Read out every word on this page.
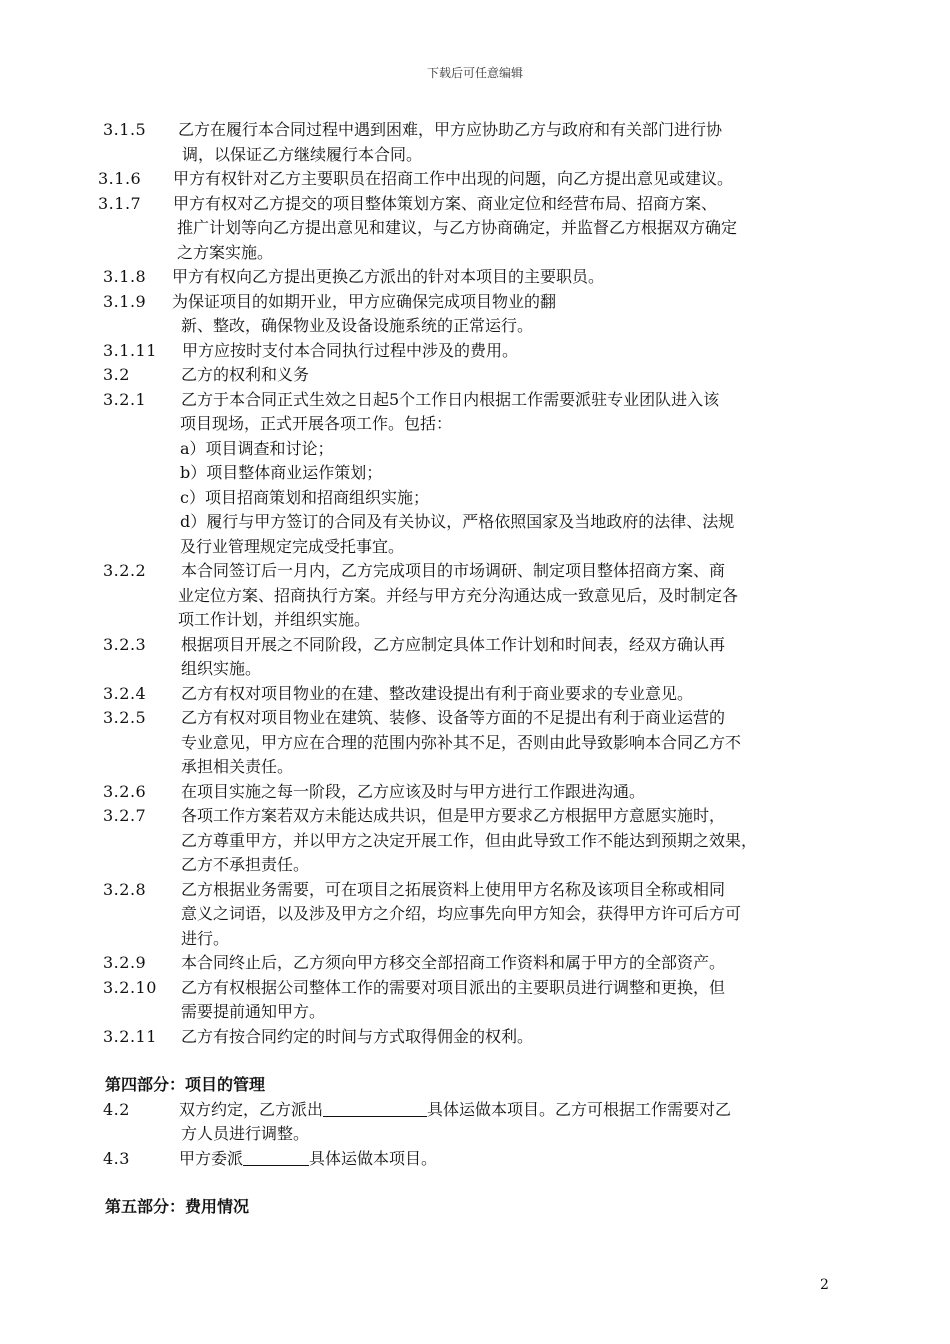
下载后可任意编辑
3.1.5	乙方在履行本合同过程中遇到困难，甲方应协助乙方与政府和有关部门进行协
调，以保证乙方继续履行本合同。
3.1.6	甲方有权针对乙方主要职员在招商工作中出现的问题，向乙方提出意见或建议。
3.1.7	甲方有权对乙方提交的项目整体策划方案、商业定位和经营布局、招商方案、
推广计划等向乙方提出意见和建议，与乙方协商确定，并监督乙方根据双方确定
之方案实施。
3.1.8	甲方有权向乙方提出更换乙方派出的针对本项目的主要职员。
3.1.9	为保证项目的如期开业，甲方应确保完成项目物业的翻
新、整改，确保物业及设备设施系统的正常运行。
3.1.11	甲方应按时支付本合同执行过程中涉及的费用。
3.2	乙方的权利和义务
3.2.1	乙方于本合同正式生效之日起5个工作日内根据工作需要派驻专业团队进入该
项目现场，正式开展各项工作。包括：
a）项目调查和讨论；
b）项目整体商业运作策划；
c）项目招商策划和招商组织实施；
d）履行与甲方签订的合同及有关协议，严格依照国家及当地政府的法律、法规
及行业管理规定完成受托事宜。
3.2.2	本合同签订后一月内，乙方完成项目的市场调研、制定项目整体招商方案、商
业定位方案、招商执行方案。并经与甲方充分沟通达成一致意见后，及时制定各
项工作计划，并组织实施。
3.2.3	根据项目开展之不同阶段，乙方应制定具体工作计划和时间表，经双方确认再
组织实施。
3.2.4	乙方有权对项目物业的在建、整改建设提出有利于商业要求的专业意见。
3.2.5	乙方有权对项目物业在建筑、装修、设备等方面的不足提出有利于商业运营的
专业意见，甲方应在合理的范围内弥补其不足，否则由此导致影响本合同乙方不
承担相关责任。
3.2.6	在项目实施之每一阶段，乙方应该及时与甲方进行工作跟进沟通。
3.2.7	各项工作方案若双方未能达成共识，但是甲方要求乙方根据甲方意愿实施时，
乙方尊重甲方，并以甲方之决定开展工作，但由此导致工作不能达到预期之效果，
乙方不承担责任。
3.2.8	乙方根据业务需要，可在项目之拓展资料上使用甲方名称及该项目全称或相同
意义之词语，以及涉及甲方之介绍，均应事先向甲方知会，获得甲方许可后方可
进行。
3.2.9	本合同终止后，乙方须向甲方移交全部招商工作资料和属于甲方的全部资产。
3.2.10	乙方有权根据公司整体工作的需要对项目派出的主要职员进行调整和更换，但
需要提前通知甲方。
3.2.11	乙方有按合同约定的时间与方式取得佣金的权利。
第四部分：项目的管理
4.2	双方约定，乙方派出	具体运做本项目。乙方可根据工作需要对乙
方人员进行调整。
4.3	甲方委派	具体运做本项目。
第五部分：费用情况
2
